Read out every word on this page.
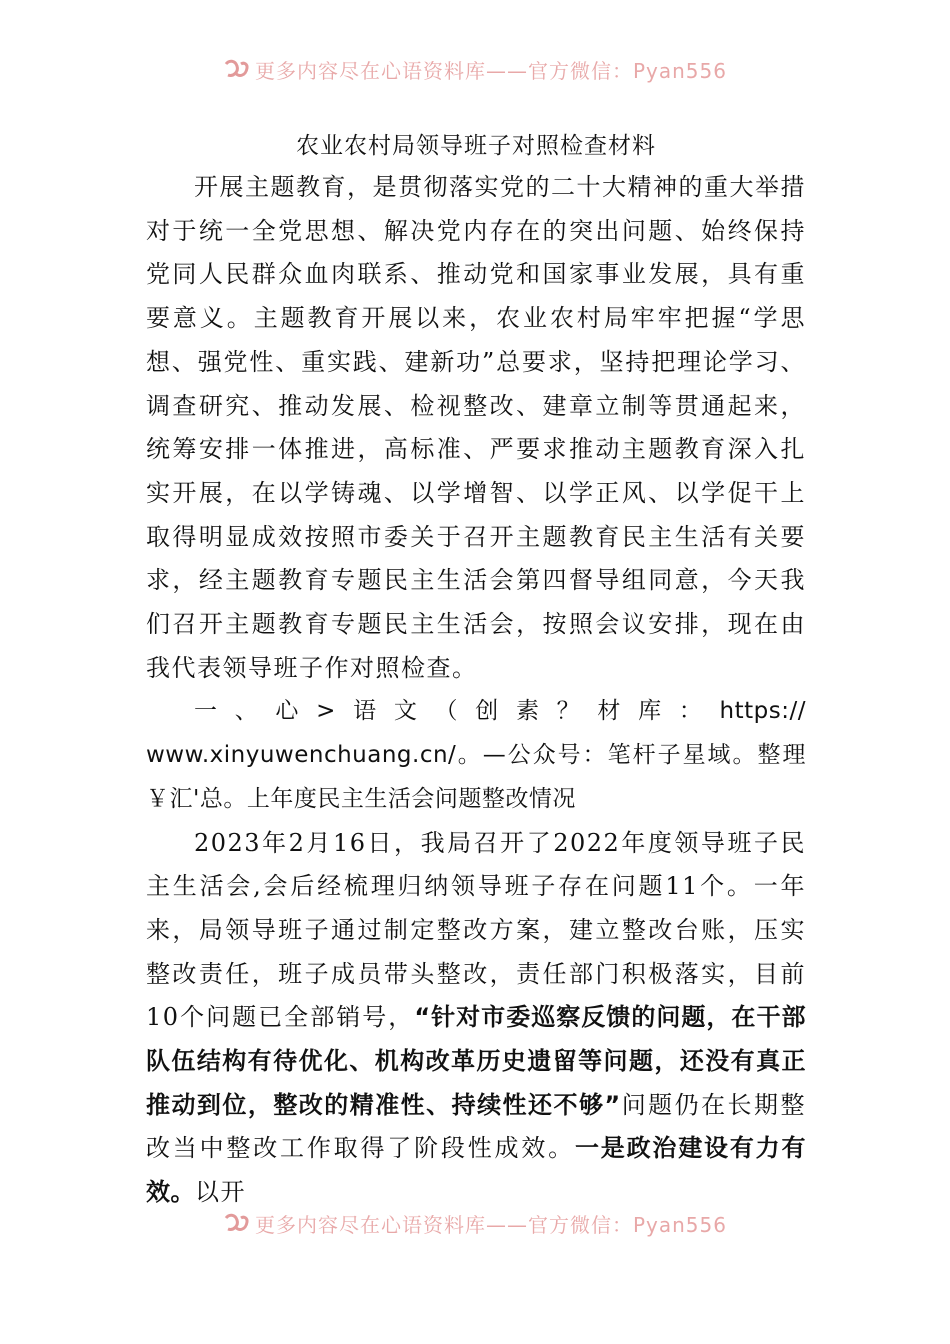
更多内容尽在心语资料库——官方微信：Pyan556
农业农村局领导班子对照检查材料

开展主题教育，是贯彻落实党的二十大精神的重大举措对于统一全党思想、解决党内存在的突出问题、始终保持党同人民群众血肉联系、推动党和国家事业发展，具有重要意义。主题教育开展以来，农业农村局牢牢把握“学思想、强党性、重实践、建新功”总要求，坚持把理论学习、调查研究、推动发展、检视整改、建章立制等贯通起来，统筹安排一体推进，高标准、严要求推动主题教育深入扎实开展，在以学铸魂、以学增智、以学正风、以学促干上取得明显成效按照市委关于召开主题教育民主生活有关要求，经主题教育专题民主生活会第四督导组同意，今天我们召开主题教育专题民主生活会，按照会议安排，现在由我代表领导班子作对照检查。

一、心>语文（创素？材库：https://www.xinyuwenchuang.cn/。—公众号：笔杆子星域。整理￥汇'总。上年度民主生活会问题整改情况

2023年2月16日，我局召开了2022年度领导班子民主生活会,会后经梳理归纳领导班子存在问题11个。一年来，局领导班子通过制定整改方案，建立整改台账，压实整改责任，班子成员带头整改，责任部门积极落实，目前10个问题已全部销号，“针对市委巡察反馈的问题，在干部队伍结构有待优化、机构改革历史遗留等问题，还没有真正推动到位，整改的精准性、持续性还不够”问题仍在长期整改当中整改工作取得了阶段性成效。一是政治建设有力有效。以开

更多内容尽在心语资料库——官方微信：Pyan556
